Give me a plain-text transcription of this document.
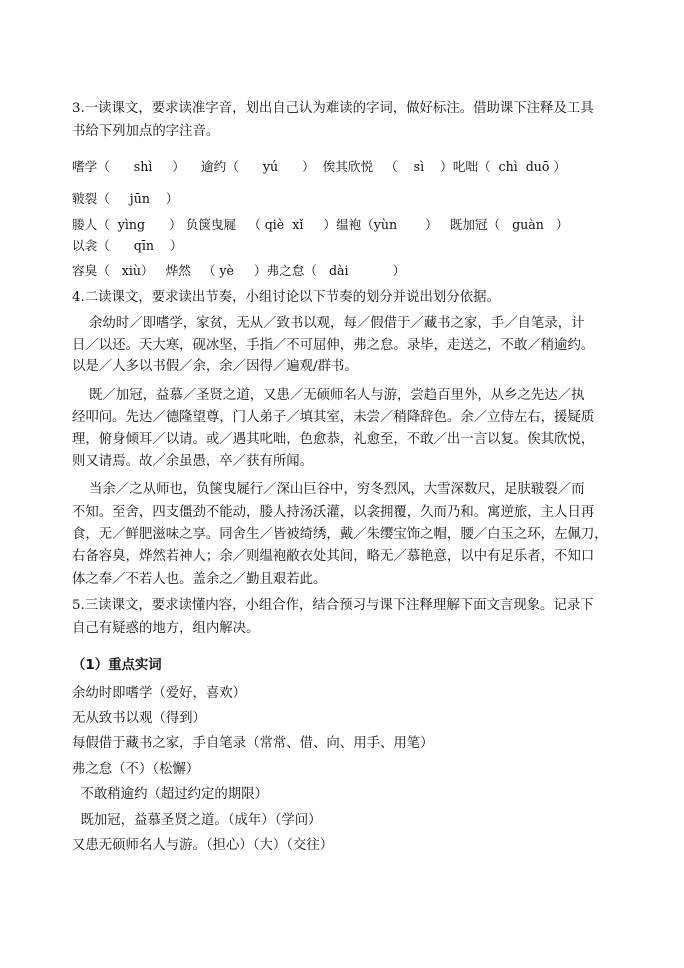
3.一读课文，要求读准字音，划出自己认为难读的字词，做好标注。借助课下注释及工具
书给下列加点的字注音。
嗜学（      shì     ）    逾约（      yú      ）  俟其欣悦   （    sì    ）叱咄（  chì  duō ）
皲裂（     jūn    ）
媵人（  yìng      ） 负箧曳屣   （ qiè  xǐ     ）缊袍（yùn       ）   既加冠（   guàn   ）
以衾（      qīn    ）
容臭（   xiù）   烨然   （ yè     ）弗之怠（   dài           ）
4.二读课文，要求读出节奏，小组讨论以下节奏的划分并说出划分依据。
余幼时／即嗜学，家贫，无从／致书以观，每／假借于／藏书之家，手／自笔录，计
日／以还。天大寒，砚冰坚，手指／不可屈伸，弗之怠。录毕，走送之，不敢／稍逾约。
以是／人多以书假／余，余／因得／遍观/群书。
既／加冠，益慕／圣贤之道，又患／无硕师名人与游，尝趋百里外，从乡之先达／执
经叩问。先达／德隆望尊，门人弟子／填其室，未尝／稍降辞色。余／立侍左右，援疑质
理，俯身倾耳／以请。或／遇其叱咄，色愈恭，礼愈至，不敢／出一言以复。俟其欣悦，
则又请焉。故／余虽愚，卒／获有所闻。
当余／之从师也，负箧曳屣行／深山巨谷中，穷冬烈风，大雪深数尺，足肤皲裂／而
不知。至舍，四支僵劲不能动，媵人持汤沃灌，以衾拥覆，久而乃和。寓逆旅，主人日再
食，无／鲜肥滋味之享。同舍生／皆被绮绣，戴／朱缨宝饰之帽，腰／白玉之环，左佩刀，
右备容臭，烨然若神人；余／则缊袍敝衣处其间，略无／慕艳意，以中有足乐者，不知口
体之奉／不若人也。盖余之／勤且艰若此。
5.三读课文，要求读懂内容，小组合作，结合预习与课下注释理解下面文言现象。记录下
自己有疑惑的地方，组内解决。
（1）重点实词
余幼时即嗜学（爱好，喜欢）
无从致书以观（得到）
每假借于藏书之家，手自笔录（常常、借、向、用手、用笔）
弗之怠（不）（松懈）
不敢稍逾约（超过约定的期限）
既加冠，益慕圣贤之道。（成年）（学问）
又患无硕师名人与游。（担心）（大）（交往）
